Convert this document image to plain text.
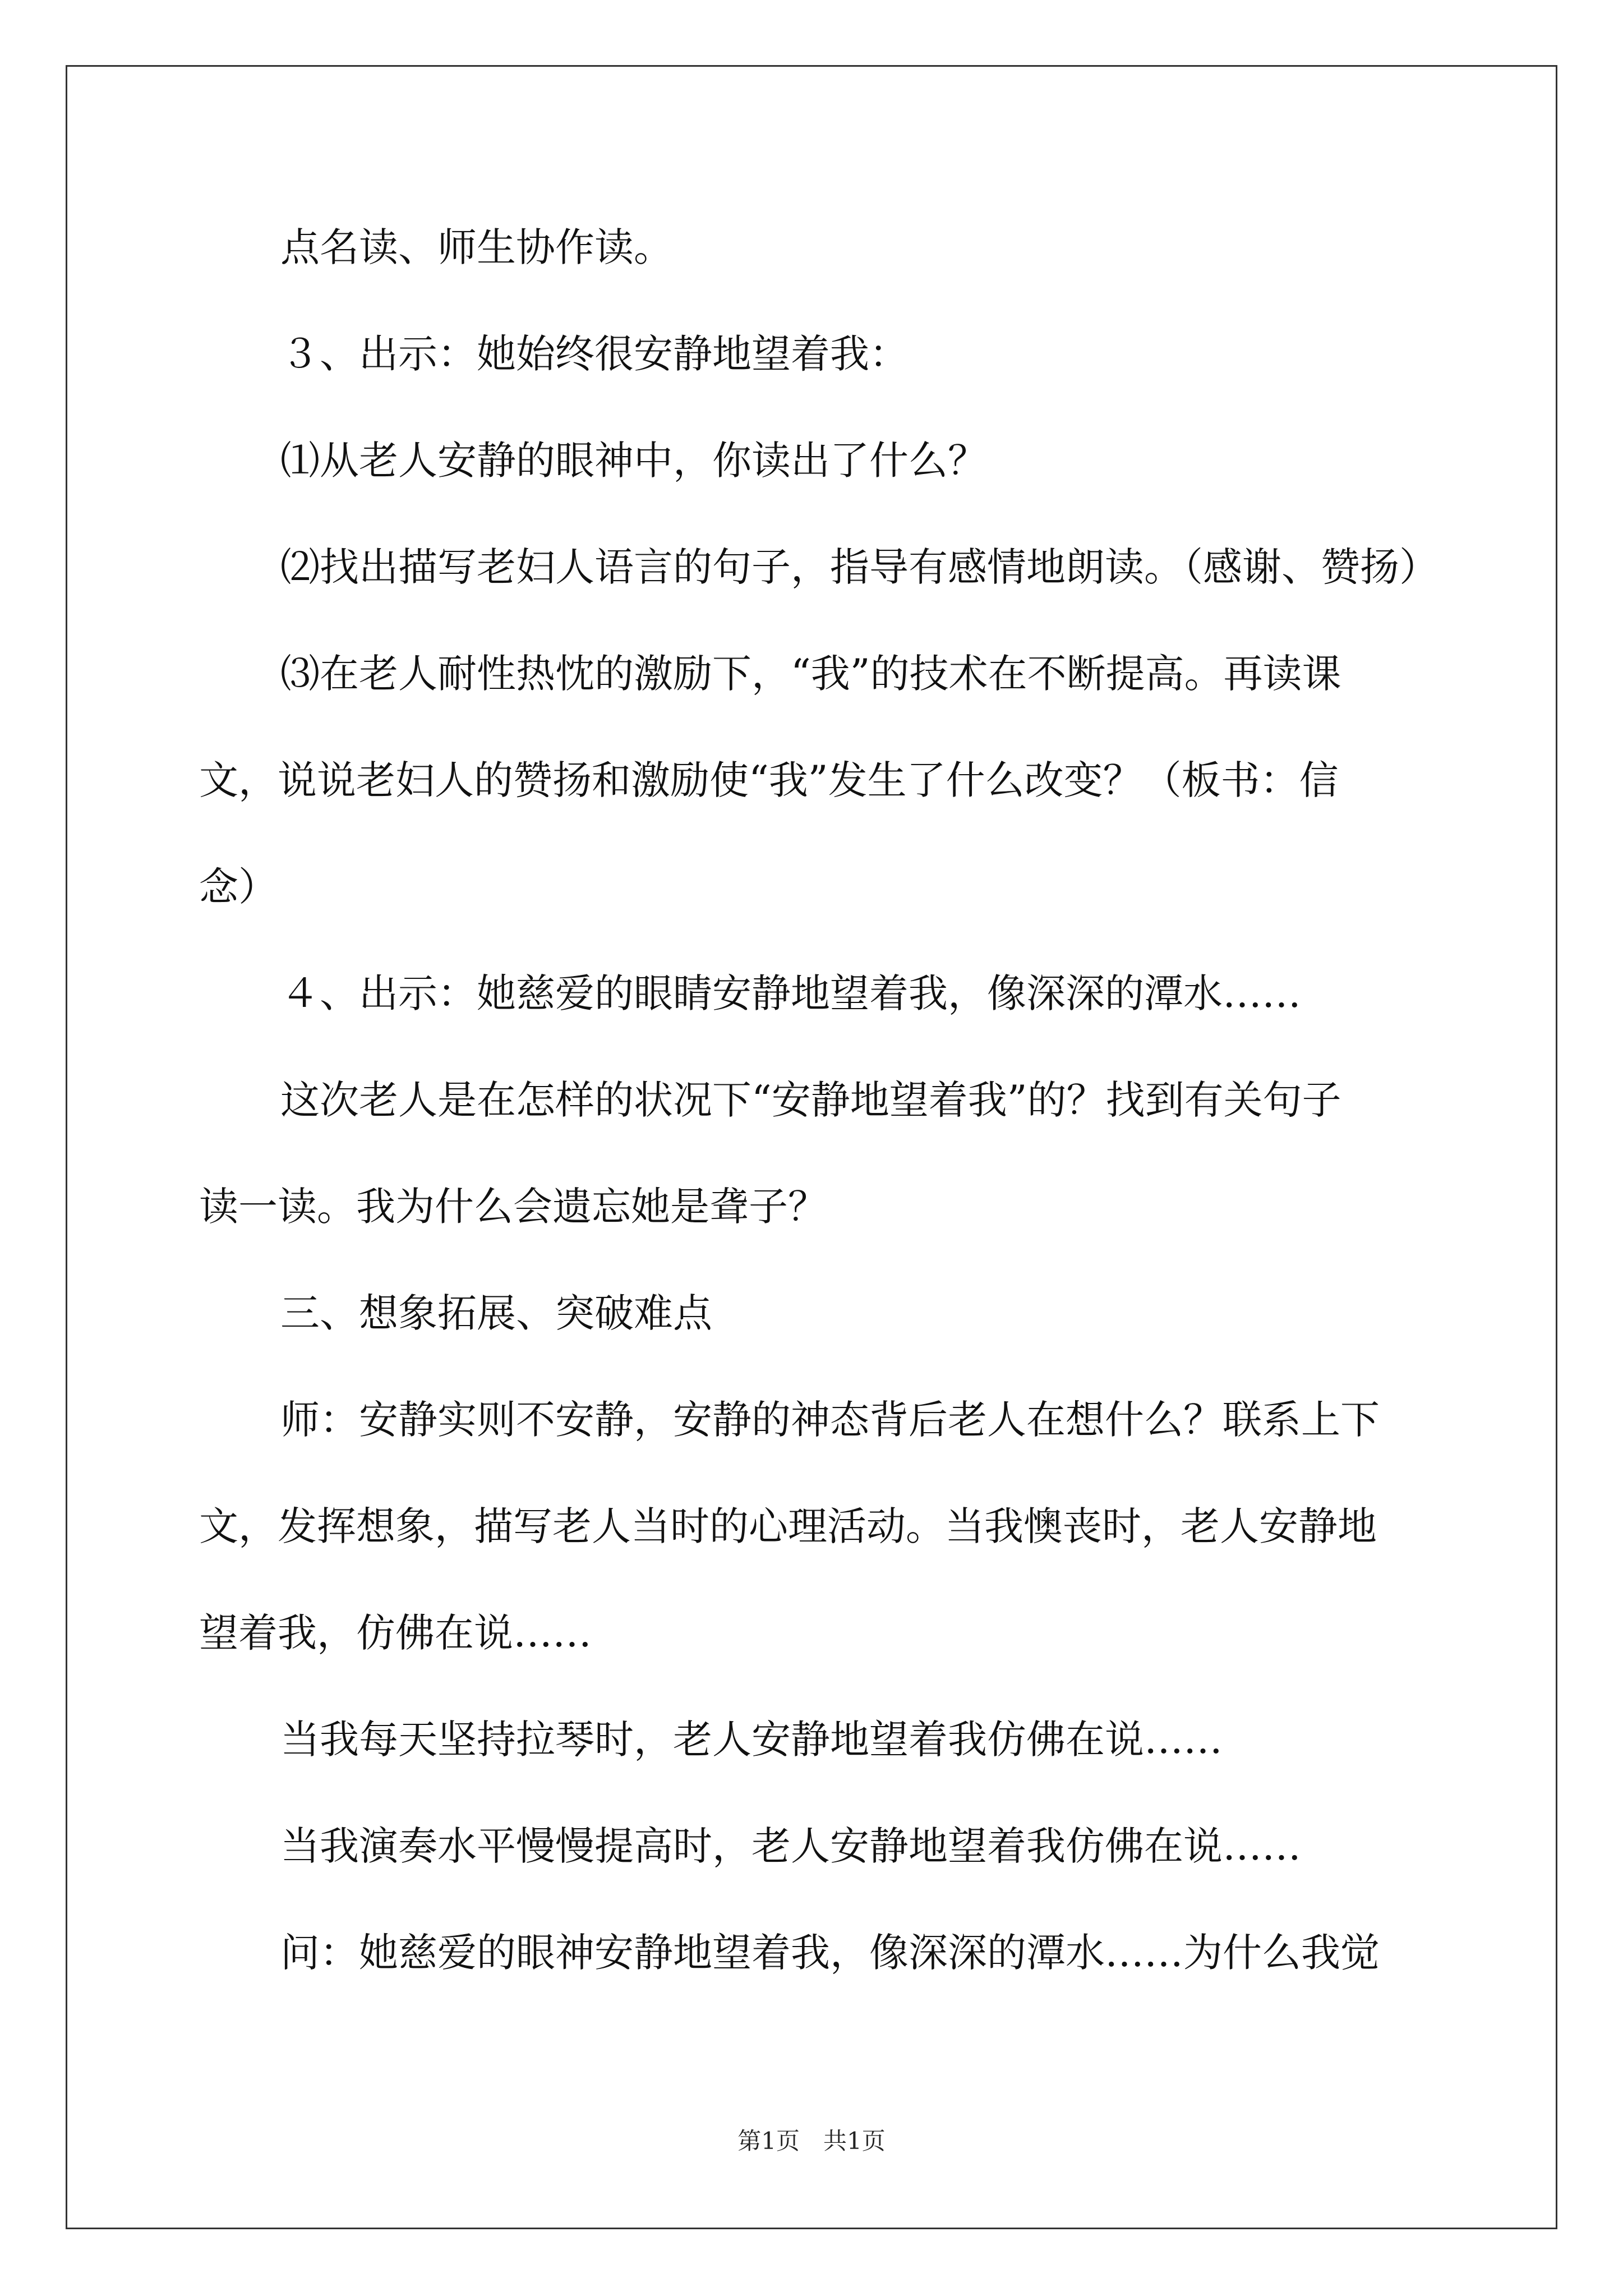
点名读、师生协作读。
３、出示：她始终很安静地望着我：
⑴从老人安静的眼神中，你读出了什么？
⑵找出描写老妇人语言的句子，指导有感情地朗读。（感谢、赞扬）
⑶在老人耐性热忱的激励下，“我”的技术在不断提高。再读课
文，说说老妇人的赞扬和激励使“我”发生了什么改变？（板书：信
念）
４、出示：她慈爱的眼睛安静地望着我，像深深的潭水……
这次老人是在怎样的状况下“安静地望着我”的？找到有关句子
读一读。我为什么会遗忘她是聋子？
三、想象拓展、突破难点
师：安静实则不安静，安静的神态背后老人在想什么？联系上下
文，发挥想象，描写老人当时的心理活动。当我懊丧时，老人安静地
望着我，仿佛在说……
当我每天坚持拉琴时，老人安静地望着我仿佛在说……
当我演奏水平慢慢提高时，老人安静地望着我仿佛在说……
问：她慈爱的眼神安静地望着我，像深深的潭水……为什么我觉
第1页　共1页
